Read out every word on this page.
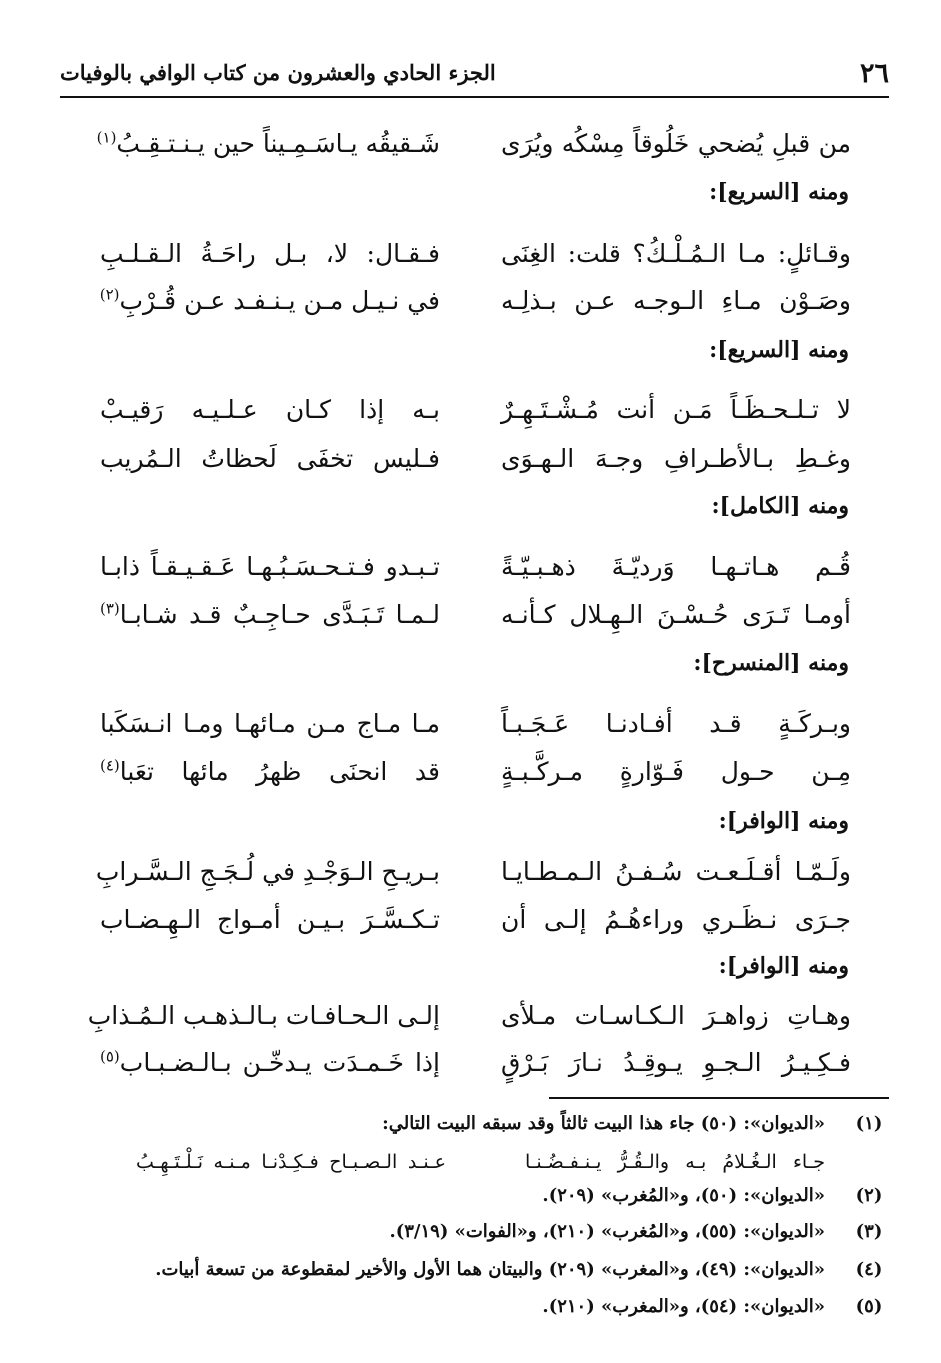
٢٦
الجزء الحادي والعشرون من كتاب الوافي بالوفيات
من قبلِ يُضحي خَلُوقاً مِسْكُه ويُرَى
شَـقيقُه يـاسَـمِـيناً حين يـنـتـقِـبُ$^{(١)}$
ومنه [السريع]:
وقـائلٍ: مـا الـمُـلْـكُ؟ قلت: الغِنَى
فـقـال: لا، بـل راحَـةُ الـقـلـبِ
وصَـوْن مـاءِ الـوجـه عـن بـذلِـه
في نـيـل مـن يـنـفـد عـن قُـرْبِ$^{(٢)}$
ومنه [السريع]:
لا تـلـحـظَـاً مَـن أنت مُـشْـتَـهِـرٌ
بـه إذا كـان عـلـيـه رَقيـبْ
وغـطِ بـالأطـرافِ وجـهَ الـهـوَى
فـليس تخفَى لَحظاتُ الـمُريب
ومنه [الكامل]:
قُـم هـاتـهـا وَرديّـةَ ذهـبـيّـةً
تـبـدو فـتـحـسَـبُـهـا عَـقـيـقـاً ذابـا
أومـا تَـرَى حُـسْـنَ الـهِـلال كـأنـه
لـمـا تَـبَـدَّى حـاجِـبٌ قـد شـابـا$^{(٣)}$
ومنه [المنسرح]:
وبـركَـةٍ قـد أفـادنـا عَـجَـبـاً
مـا مـاج مـن مـائهـا ومـا انـسَكَبا
مِـن حـول فَـوّارةٍ مـركَّـبـةٍ
قد انحنَى ظهرُ مائها تعَبا$^{(٤)}$
ومنه [الوافر]:
ولَـمّـا أقـلَـعـت سُـفـنُ الـمـطـايـا
بـريـحِ الـوَجْـدِ في لُـجَـجِ الـسَّـرابِ
جـرَى نـظَـري وراءهُـمُ إلـى أن
تـكـسَّـرَ بـيـن أمـواج الـهِـضـاب
ومنه [الوافر]:
وهـاتِ زواهـرَ الـكـاسـات مـلأى
إلـى الـحـافـات بـالـذهـب الـمُـذابِ
فـكِـيـرُ الـجـوِ يـوقِـدُ نـارَ بَـرْقٍ
إذا خَـمـدَت يـدخّـن بـالـضـبـاب$^{(٥)}$
(١)
«الديوان»: (٥٠) جاء هذا البيت ثالثاً وقد سبقه البيت التالي:
جـاء الـغُـلامُ بـه والـقُـرُّ يـنـفـضُـنـا
عـنـد الـصـبـاح فـكِـدْنـا مـنـه نَـلْـتَـهِـبُ
(٢)
«الديوان»: (٥٠)، و«المُغرب» (٢٠٩).
(٣)
«الديوان»: (٥٥)، و«المُغرب» (٢١٠)، و«الفوات» (٣/١٩).
(٤)
«الديوان»: (٤٩)، و«المغرب» (٢٠٩) والبيتان هما الأول والأخير لمقطوعة من تسعة أبيات.
(٥)
«الديوان»: (٥٤)، و«المغرب» (٢١٠).
